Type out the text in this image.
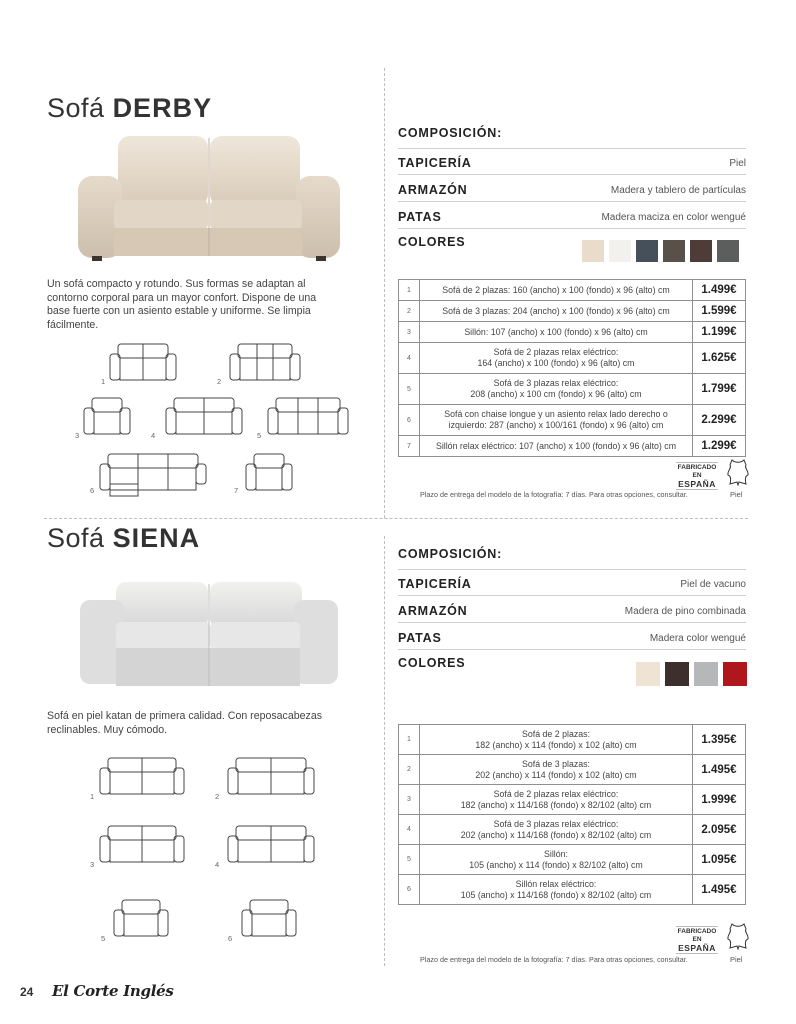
Sofá DERBY
Un sofá compacto y rotundo. Sus formas se adaptan al contorno corporal para un mayor confort. Dispone de una base fuerte con un asiento estable y uniforme. Se limpia fácilmente.
1	2
3	4	5
6	7
COMPOSICIÓN:
TAPICERÍA	Piel
ARMAZÓN	Madera y tablero de partículas
PATAS	Madera maciza en color wengué
COLORES
1	Sofá de 2 plazas: 160 (ancho) x 100 (fondo) x 96 (alto) cm	1.499€
2	Sofá de 3 plazas: 204 (ancho) x 100 (fondo) x 96 (alto) cm	1.599€
3	Sillón: 107 (ancho) x 100 (fondo) x 96 (alto) cm	1.199€
4	Sofá de 2 plazas relax eléctrico:
164 (ancho) x 100 (fondo) x 96 (alto) cm	1.625€
5	Sofá de 3 plazas relax eléctrico:
208 (ancho) x 100 cm (fondo) x 96 (alto) cm	1.799€
6	Sofá con chaise longue y un asiento relax lado derecho o
izquierdo: 287 (ancho) x 100/161 (fondo) x 96 (alto) cm	2.299€
7	Sillón relax eléctrico: 107 (ancho) x 100 (fondo) x 96 (alto) cm	1.299€
FABRICADO EN
ESPAÑA
Plazo de entrega del modelo de la fotografía: 7 días. Para otras opciones, consultar.	Piel
Sofá SIENA
Sofá en piel katan de primera calidad. Con reposacabezas reclinables. Muy cómodo.
1	2
3	4
5	6
COMPOSICIÓN:
TAPICERÍA	Piel de vacuno
ARMAZÓN	Madera de pino combinada
PATAS	Madera color wengué
COLORES
1	Sofá de 2 plazas:
182 (ancho) x 114 (fondo) x 102 (alto) cm	1.395€
2	Sofá de 3 plazas:
202 (ancho) x 114 (fondo) x 102 (alto) cm	1.495€
3	Sofá de 2 plazas relax eléctrico:
182 (ancho) x 114/168 (fondo) x 82/102 (alto) cm	1.999€
4	Sofá de 3 plazas relax eléctrico:
202 (ancho) x 114/168 (fondo) x 82/102 (alto) cm	2.095€
5	Sillón:
105 (ancho) x 114 (fondo) x 82/102 (alto) cm	1.095€
6	Sillón relax eléctrico:
105 (ancho) x 114/168 (fondo) x 82/102 (alto) cm	1.495€
FABRICADO EN
ESPAÑA
Plazo de entrega del modelo de la fotografía: 7 días. Para otras opciones, consultar.	Piel
24 El Corte Inglés
